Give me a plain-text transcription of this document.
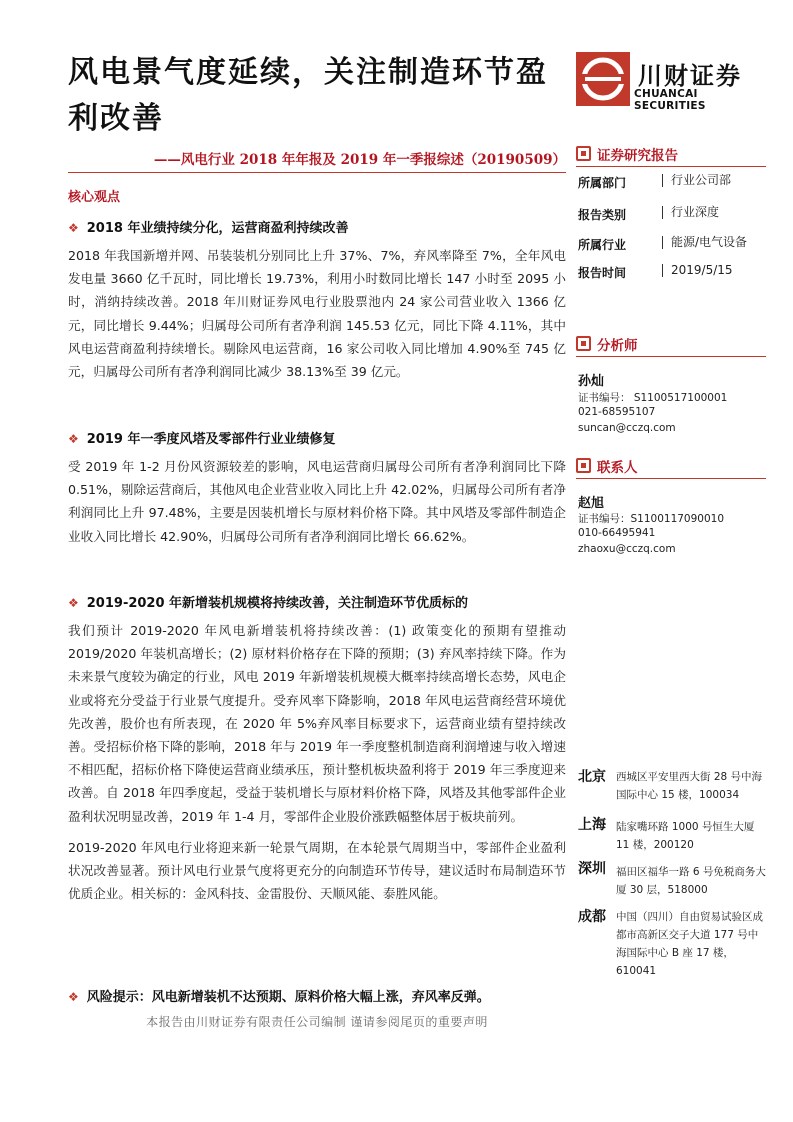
风电景气度延续，关注制造环节盈利改善
川财证券
CHUANCAI SECURITIES
——风电行业 2018 年年报及 2019 年一季报综述（20190509）
核心观点
❖ 2018 年业绩持续分化，运营商盈利持续改善

2018 年我国新增并网、吊装装机分别同比上升 37%、7%，弃风率降至 7%，全年风电发电量 3660 亿千瓦时，同比增长 19.73%，利用小时数同比增长 147 小时至 2095 小时，消纳持续改善。2018 年川财证券风电行业股票池内 24 家公司营业收入 1366 亿元，同比增长 9.44%；归属母公司所有者净利润 145.53 亿元，同比下降 4.11%，其中风电运营商盈利持续增长。剔除风电运营商，16 家公司收入同比增加 4.90%至 745 亿元，归属母公司所有者净利润同比减少 38.13%至 39 亿元。

❖ 2019 年一季度风塔及零部件行业业绩修复

受 2019 年 1-2 月份风资源较差的影响，风电运营商归属母公司所有者净利润同比下降 0.51%，剔除运营商后，其他风电企业营业收入同比上升 42.02%，归属母公司所有者净利润同比上升 97.48%，主要是因装机增长与原材料价格下降。其中风塔及零部件制造企业收入同比增长 42.90%，归属母公司所有者净利润同比增长 66.62%。

❖ 2019-2020 年新增装机规模将持续改善，关注制造环节优质标的

我们预计 2019-2020 年风电新增装机将持续改善：(1) 政策变化的预期有望推动 2019/2020 年装机高增长；(2) 原材料价格存在下降的预期；(3) 弃风率持续下降。作为未来景气度较为确定的行业，风电 2019 年新增装机规模大概率持续高增长态势，风电企业或将充分受益于行业景气度提升。受弃风率下降影响，2018 年风电运营商经营环境优先改善，股价也有所表现，在 2020 年 5%弃风率目标要求下，运营商业绩有望持续改善。受招标价格下降的影响，2018 年与 2019 年一季度整机制造商利润增速与收入增速不相匹配，招标价格下降使运营商业绩承压，预计整机板块盈利将于 2019 年三季度迎来改善。自 2018 年四季度起，受益于装机增长与原材料价格下降，风塔及其他零部件企业盈利状况明显改善，2019 年 1-4 月，零部件企业股价涨跌幅整体居于板块前列。

2019-2020 年风电行业将迎来新一轮景气周期，在本轮景气周期当中，零部件企业盈利状况改善显著。预计风电行业景气度将更充分的向制造环节传导，建议适时布局制造环节优质企业。相关标的：金风科技、金雷股份、天顺风能、泰胜风能。

❖ 风险提示：风电新增装机不达预期、原料价格大幅上涨，弃风率反弹。
证券研究报告
所属部门	行业公司部
报告类别	行业深度
所属行业	能源/电气设备
报告时间	2019/5/15
分析师
孙灿
证书编号： S1100517100001
021-68595107
suncan@cczq.com
联系人
赵旭
证书编号：S1100117090010
010-66495941
zhaoxu@cczq.com
北京 西城区平安里西大街 28 号中海国际中心 15 楼，100034
上海 陆家嘴环路 1000 号恒生大厦 11 楼，200120
深圳 福田区福华一路 6 号免税商务大厦 30 层，518000
成都 中国（四川）自由贸易试验区成都市高新区交子大道 177 号中海国际中心 B 座 17 楼，610041
本报告由川财证券有限责任公司编制 谨请参阅尾页的重要声明
